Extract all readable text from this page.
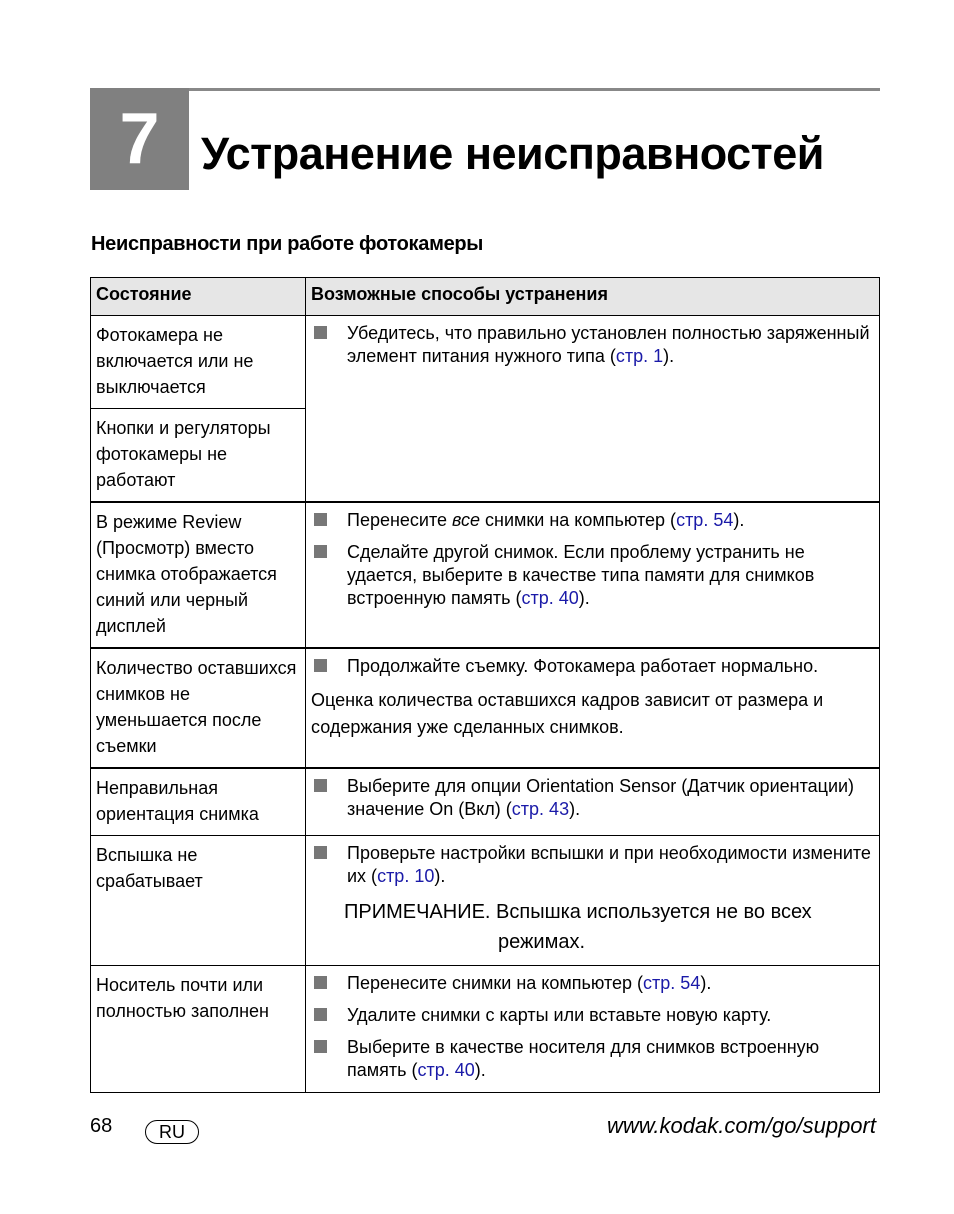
7 Устранение неисправностей
Неисправности при работе фотокамеры
Состояние	Возможные способы устранения
Фотокамера не включается или не выключается	Убедитесь, что правильно установлен полностью заряженный элемент питания нужного типа (стр. 1).

Кнопки и регуляторы фотокамеры не работают	
В режиме Review (Просмотр) вместо снимка отображается синий или черный дисплей	Перенесите все снимки на компьютер (стр. 54).
Сделайте другой снимок. Если проблему устранить не удается, выберите в качестве типа памяти для снимков встроенную память (стр. 40).

Количество оставшихся снимков не уменьшается после съемки	Продолжайте съемку. Фотокамера работает нормально.
Оценка количества оставшихся кадров зависит от размера и содержания уже сделанных снимков.

Неправильная ориентация снимка	Выберите для опции Orientation Sensor (Датчик ориентации) значение On (Вкл) (стр. 43).

Вспышка не срабатывает	Проверьте настройки вспышки и при необходимости измените их (стр. 10).
ПРИМЕЧАНИЕ. Вспышка используется не во всех
режимах.

Носитель почти или полностью заполнен	Перенесите снимки на компьютер (стр. 54).
Удалите снимки с карты или вставьте новую карту.
Выберите в качестве носителя для снимков встроенную память (стр. 40).
68	RU	www.kodak.com/go/support
